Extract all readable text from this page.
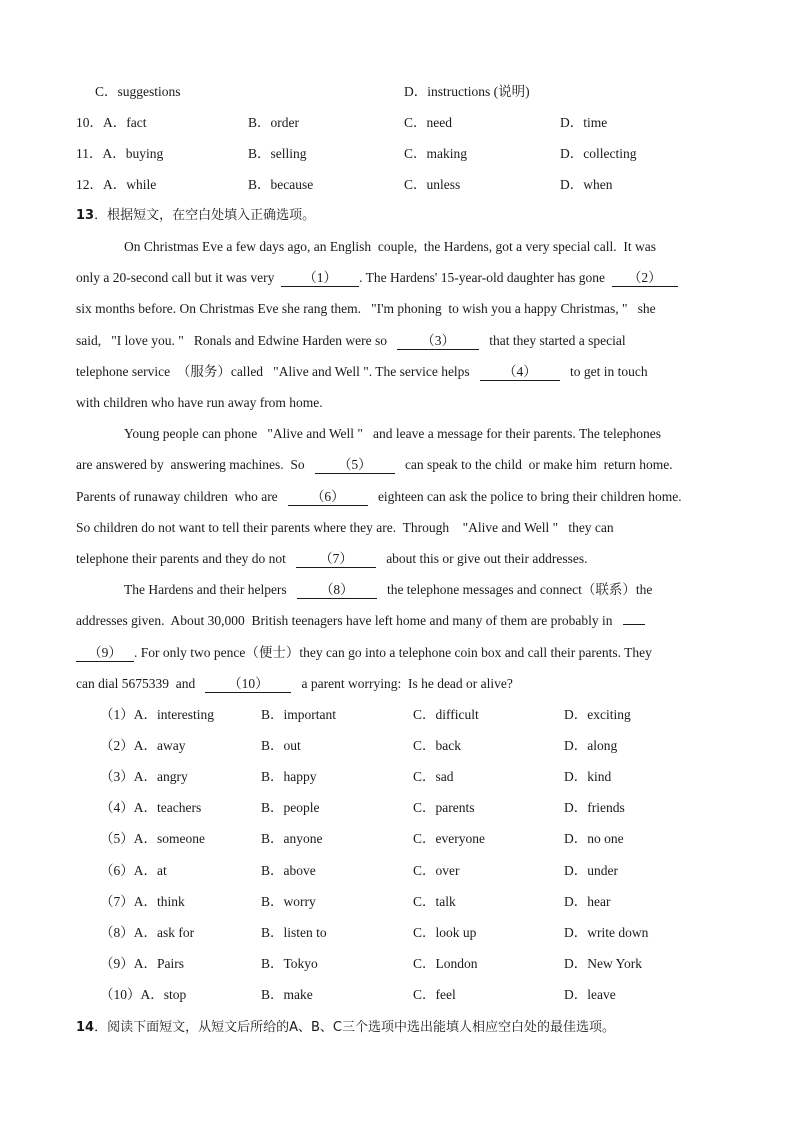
C．suggestions	D．instructions (说明)
10．A．fact	B．order	C．need	D．time
11．A．buying	B．selling	C．making	D．collecting
12．A．while	B．because	C．unless	D．when
13．根据短文，在空白处填入正确选项。
On Christmas Eve a few days ago, an English  couple,  the Hardens, got a very special call.  It was
only a 20-second call but it was very  （1） . The Hardens' 15-year-old daughter has gone  （2）
six months before. On Christmas Eve she rang them.   "I'm phoning  to wish you a happy Christmas, "   she
said,   "I love you. "   Ronals and Edwine Harden were so   （3）   that they started a special
telephone service  （服务）called   "Alive and Well ". The service helps   （4）   to get in touch
with children who have run away from home.
Young people can phone   "Alive and Well "   and leave a message for their parents. The telephones
are answered by  answering machines.  So   （5）   can speak to the child  or make him  return home.
Parents of runaway children  who are   （6）   eighteen can ask the police to bring their children home.
So children do not want to tell their parents where they are.  Through    "Alive and Well "   they can
telephone their parents and they do not   （7）   about this or give out their addresses.
The Hardens and their helpers   （8）   the telephone messages and connect（联系）the
addresses given.  About 30,000  British teenagers have left home and many of them are probably in
（9） . For only two pence（便士）they can go into a telephone coin box and call their parents. They
can dial 5675339  and   （10）   a parent worrying:  Is he dead or alive?
（1）A．interesting	B．important	C．difficult	D．exciting
（2）A．away	B．out	C．back	D．along
（3）A．angry	B．happy	C．sad	D．kind
（4）A．teachers	B．people	C．parents	D．friends
（5）A．someone	B．anyone	C．everyone	D．no one
（6）A．at	B．above	C．over	D．under
（7）A．think	B．worry	C．talk	D．hear
（8）A．ask for	B．listen to	C．look up	D．write down
（9）A．Pairs	B．Tokyo	C．London	D．New York
（10）A．stop	B．make	C．feel	D．leave
14．阅读下面短文，从短文后所给的A、B、C三个选项中选出能填人相应空白处的最佳选项。
